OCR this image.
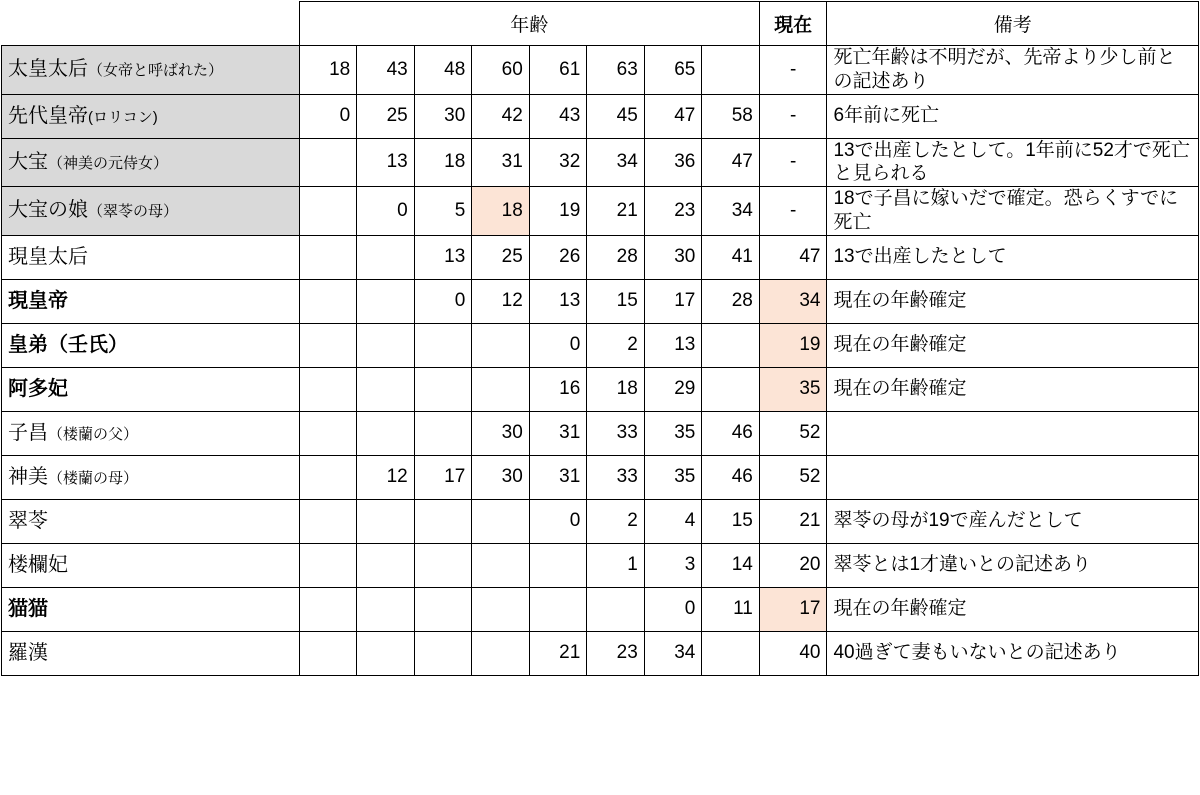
	年齢								現在	備考
太皇太后（女帝と呼ばれた）	18	43	48	60	61	63	65		-	死亡年齢は不明だが、先帝より少し前との記述あり
先代皇帝(ロリコン)	0	25	30	42	43	45	47	58	-	6年前に死亡
大宝（神美の元侍女）		13	18	31	32	34	36	47	-	13で出産したとして。1年前に52才で死亡と見られる
大宝の娘（翠苓の母）		0	5	18	19	21	23	34	-	18で子昌に嫁いだで確定。恐らくすでに死亡
現皇太后			13	25	26	28	30	41	47	13で出産したとして
現皇帝			0	12	13	15	17	28	34	現在の年齢確定
皇弟（壬氏）					0	2	13		19	現在の年齢確定
阿多妃					16	18	29		35	現在の年齢確定
子昌（楼蘭の父）				30	31	33	35	46	52	
神美（楼蘭の母）		12	17	30	31	33	35	46	52	
翠苓					0	2	4	15	21	翠苓の母が19で産んだとして
楼欄妃						1	3	14	20	翠苓とは1才違いとの記述あり
猫猫							0	11	17	現在の年齢確定
羅漢					21	23	34		40	40過ぎて妻もいないとの記述あり
